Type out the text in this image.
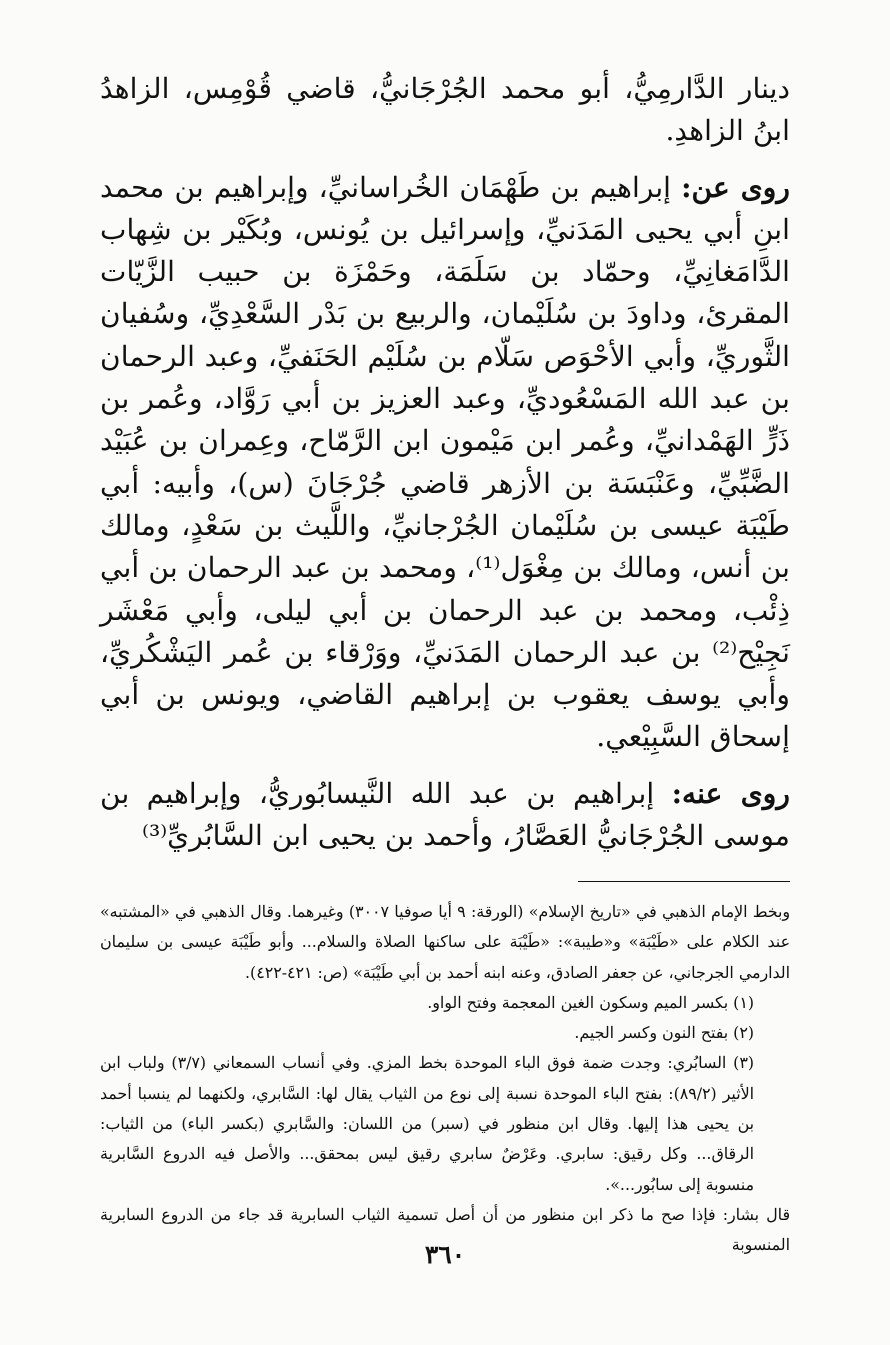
دينار الدَّارمِيُّ، أبو محمد الجُرْجَانيُّ، قاضي قُوْمِس، الزاهدُ ابنُ الزاهدِ.

روى عن: إبراهيم بن طَهْمَان الخُراسانيِّ، وإبراهيم بن محمد ابنِ أبي يحيى المَدَنيِّ، وإسرائيل بن يُونس، وبُكَيْر بن شِهاب الدَّامَغانِيِّ، وحمّاد بن سَلَمَة، وحَمْزَة بن حبيب الزَّيّات المقرئ، وداودَ بن سُلَيْمان، والربيع بن بَدْر السَّعْدِيِّ، وسُفيان الثَّوريِّ، وأبي الأحْوَص سَلّام بن سُلَيْم الحَنَفيِّ، وعبد الرحمان بن عبد الله المَسْعُوديِّ، وعبد العزيز بن أبي رَوَّاد، وعُمر بن ذَرٍّ الهَمْدانيِّ، وعُمر ابن مَيْمون ابن الرَّمّاح، وعِمران بن عُبَيْد الضَّبِّيِّ، وعَنْبَسَة بن الأزهر قاضي جُرْجَانَ (س)، وأبيه: أبي طَيْبَة عيسى بن سُلَيْمان الجُرْجانيِّ، واللَّيث بن سَعْدٍ، ومالك بن أنس، ومالك بن مِغْوَل⁽¹⁾، ومحمد بن عبد الرحمان بن أبي ذِئْب، ومحمد بن عبد الرحمان بن أبي ليلى، وأبي مَعْشَر نَجِيْح⁽²⁾ بن عبد الرحمان المَدَنيِّ، ووَرْقاء بن عُمر اليَشْكُريِّ، وأبي يوسف يعقوب بن إبراهيم القاضي، ويونس بن أبي إسحاق السَّبِيْعي.

روى عنه: إبراهيم بن عبد الله النَّيسابُوريُّ، وإبراهيم بن موسى الجُرْجَانيُّ العَصَّارُ، وأحمد بن يحيى ابن السَّابُريِّ⁽³⁾

وبخط الإمام الذهبي في «تاريخ الإسلام» (الورقة: ٩ أيا صوفيا ٣٠٠٧) وغيرهما. وقال الذهبي في «المشتبه» عند الكلام على «طَيْبَة» و«طيبة»: «طَيْبَة على ساكنها الصلاة والسلام... وأبو طَيْبَة عيسى بن سليمان الدارمي الجرجاني، عن جعفر الصادق، وعنه ابنه أحمد بن أبي طَيْبَة» (ص: ٤٢١-٤٢٢).

(١) بكسر الميم وسكون الغين المعجمة وفتح الواو.

(٢) بفتح النون وكسر الجيم.

(٣) السابُري: وجدت ضمة فوق الباء الموحدة بخط المزي. وفي أنساب السمعاني (٣/٧) ولباب ابن الأثير (٨٩/٢): بفتح الباء الموحدة نسبة إلى نوع من الثياب يقال لها: السَّابري، ولكنهما لم ينسبا أحمد بن يحيى هذا إليها. وقال ابن منظور في (سبر) من اللسان: والسَّابري (بكسر الباء) من الثياب: الرقاق... وكل رقيق: سابري. وعَرْضٌ سابري رقيق ليس بمحقق... والأصل فيه الدروع السَّابرية منسوبة إلى سابُور...».

قال بشار: فإذا صح ما ذكر ابن منظور من أن أصل تسمية الثياب السابرية قد جاء من الدروع السابرية المنسوبة

٣٦٠
